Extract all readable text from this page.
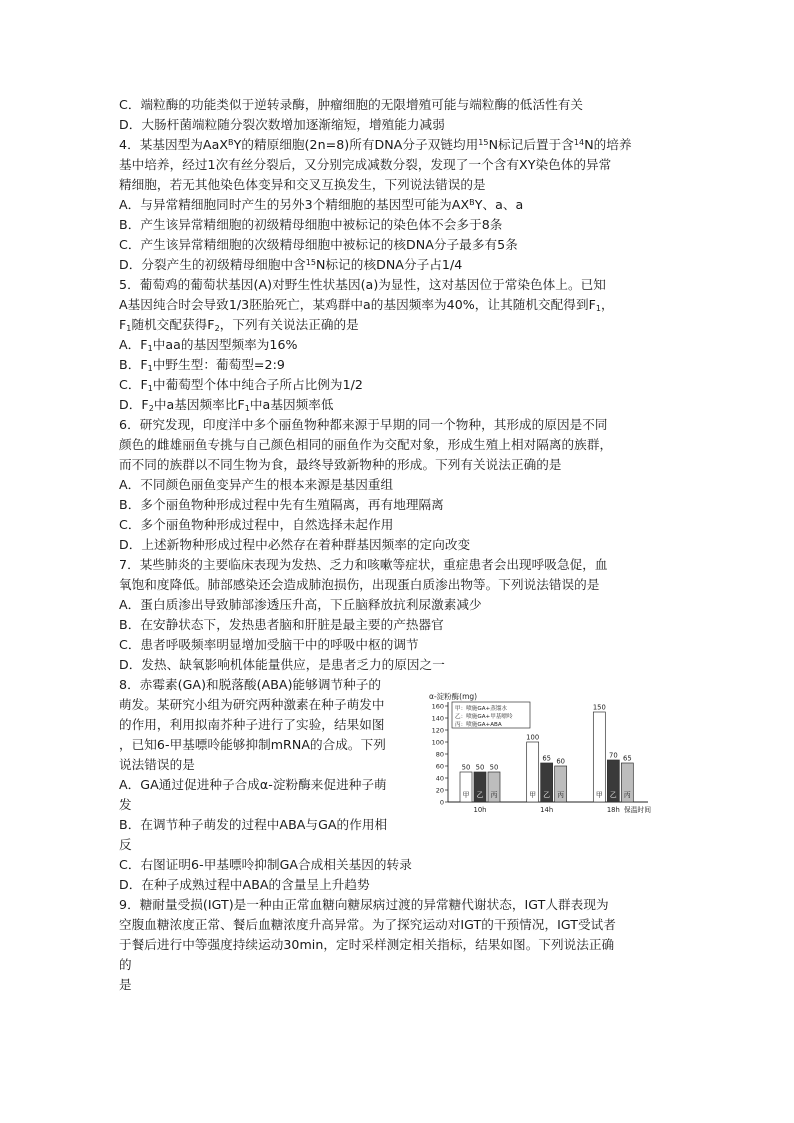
C．端粒酶的功能类似于逆转录酶，肿瘤细胞的无限增殖可能与端粒酶的低活性有关
D．大肠杆菌端粒随分裂次数增加逐渐缩短，增殖能力减弱
4．某基因型为AaX$^B$Y的精原细胞(2n=8)所有DNA分子双链均用$^{15}$N标记后置于含$^{14}$N的培养
基中培养，经过1次有丝分裂后，又分别完成减数分裂，发现了一个含有XY染色体的异常
精细胞，若无其他染色体变异和交叉互换发生，下列说法错误的是
A．与异常精细胞同时产生的另外3个精细胞的基因型可能为$AX^BY$、a、a
B．产生该异常精细胞的初级精母细胞中被标记的染色体不会多于8条
C．产生该异常精细胞的次级精母细胞中被标记的核DNA分子最多有5条
D．分裂产生的初级精母细胞中含$^{15}$N标记的核DNA分子占1/4
5．葡萄鸡的葡萄状基因(A)对野生性状基因(a)为显性，这对基因位于常染色体上。已知
A基因纯合时会导致1/3胚胎死亡，某鸡群中a的基因频率为40%，让其随机交配得到$F_1$，
$F_1$随机交配获得$F_2$，下列有关说法正确的是
A．$F_1$中aa的基因型频率为16%
B．$F_1$中野生型：葡萄型=2:9
C．$F_1$中葡萄型个体中纯合子所占比例为1/2
D．$F_2$中a基因频率比$F_1$中a基因频率低
6．研究发现，印度洋中多个丽鱼物种都来源于早期的同一个物种，其形成的原因是不同
颜色的雌雄丽鱼专挑与自己颜色相同的丽鱼作为交配对象，形成生殖上相对隔离的族群，
而不同的族群以不同生物为食，最终导致新物种的形成。下列有关说法正确的是
A．不同颜色丽鱼变异产生的根本来源是基因重组
B．多个丽鱼物种形成过程中先有生殖隔离，再有地理隔离
C．多个丽鱼物种形成过程中，自然选择未起作用
D．上述新物种形成过程中必然存在着种群基因频率的定向改变
7．某些肺炎的主要临床表现为发热、乏力和咳嗽等症状，重症患者会出现呼吸急促，血
氧饱和度降低。肺部感染还会造成肺泡损伤，出现蛋白质渗出物等。下列说法错误的是
A．蛋白质渗出导致肺部渗透压升高，下丘脑释放抗利尿激素减少
B．在安静状态下，发热患者脑和肝脏是最主要的产热器官
C．患者呼吸频率明显增加受脑干中的呼吸中枢的调节
D．发热、缺氧影响机体能量供应，是患者乏力的原因之一
8．赤霉素(GA)和脱落酸(ABA)能够调节种子的
萌发。某研究小组为研究两种激素在种子萌发中
的作用，利用拟南芥种子进行了实验，结果如图
，已知6-甲基嘌呤能够抑制mRNA的合成。下列
说法错误的是
A．GA通过促进种子合成α-淀粉酶来促进种子萌
发
B．在调节种子萌发的过程中ABA与GA的作用相
反
C．右图证明6-甲基嘌呤抑制GA合成相关基因的转录
D．在种子成熟过程中ABA的含量呈上升趋势
9．糖耐量受损(IGT)是一种由正常血糖向糖尿病过渡的异常糖代谢状态，IGT人群表现为
空腹血糖浓度正常、餐后血糖浓度升高异常。为了探究运动对IGT的干预情况，IGT受试者
于餐后进行中等强度持续运动30min，定时采样测定相关指标，结果如图。下列说法正确
的
是
α-淀粉酶(mg)
0
20
40
60
80
100
120
140
160 甲：喷施GA+蒸馏水
乙：喷施GA+甲基嘌呤
丙：喷施GA+ABA
50
甲
50
乙
50
丙
10h
100
甲
65
乙
60
丙
14h
150
甲
70
乙
65
丙
18h 保温时间
